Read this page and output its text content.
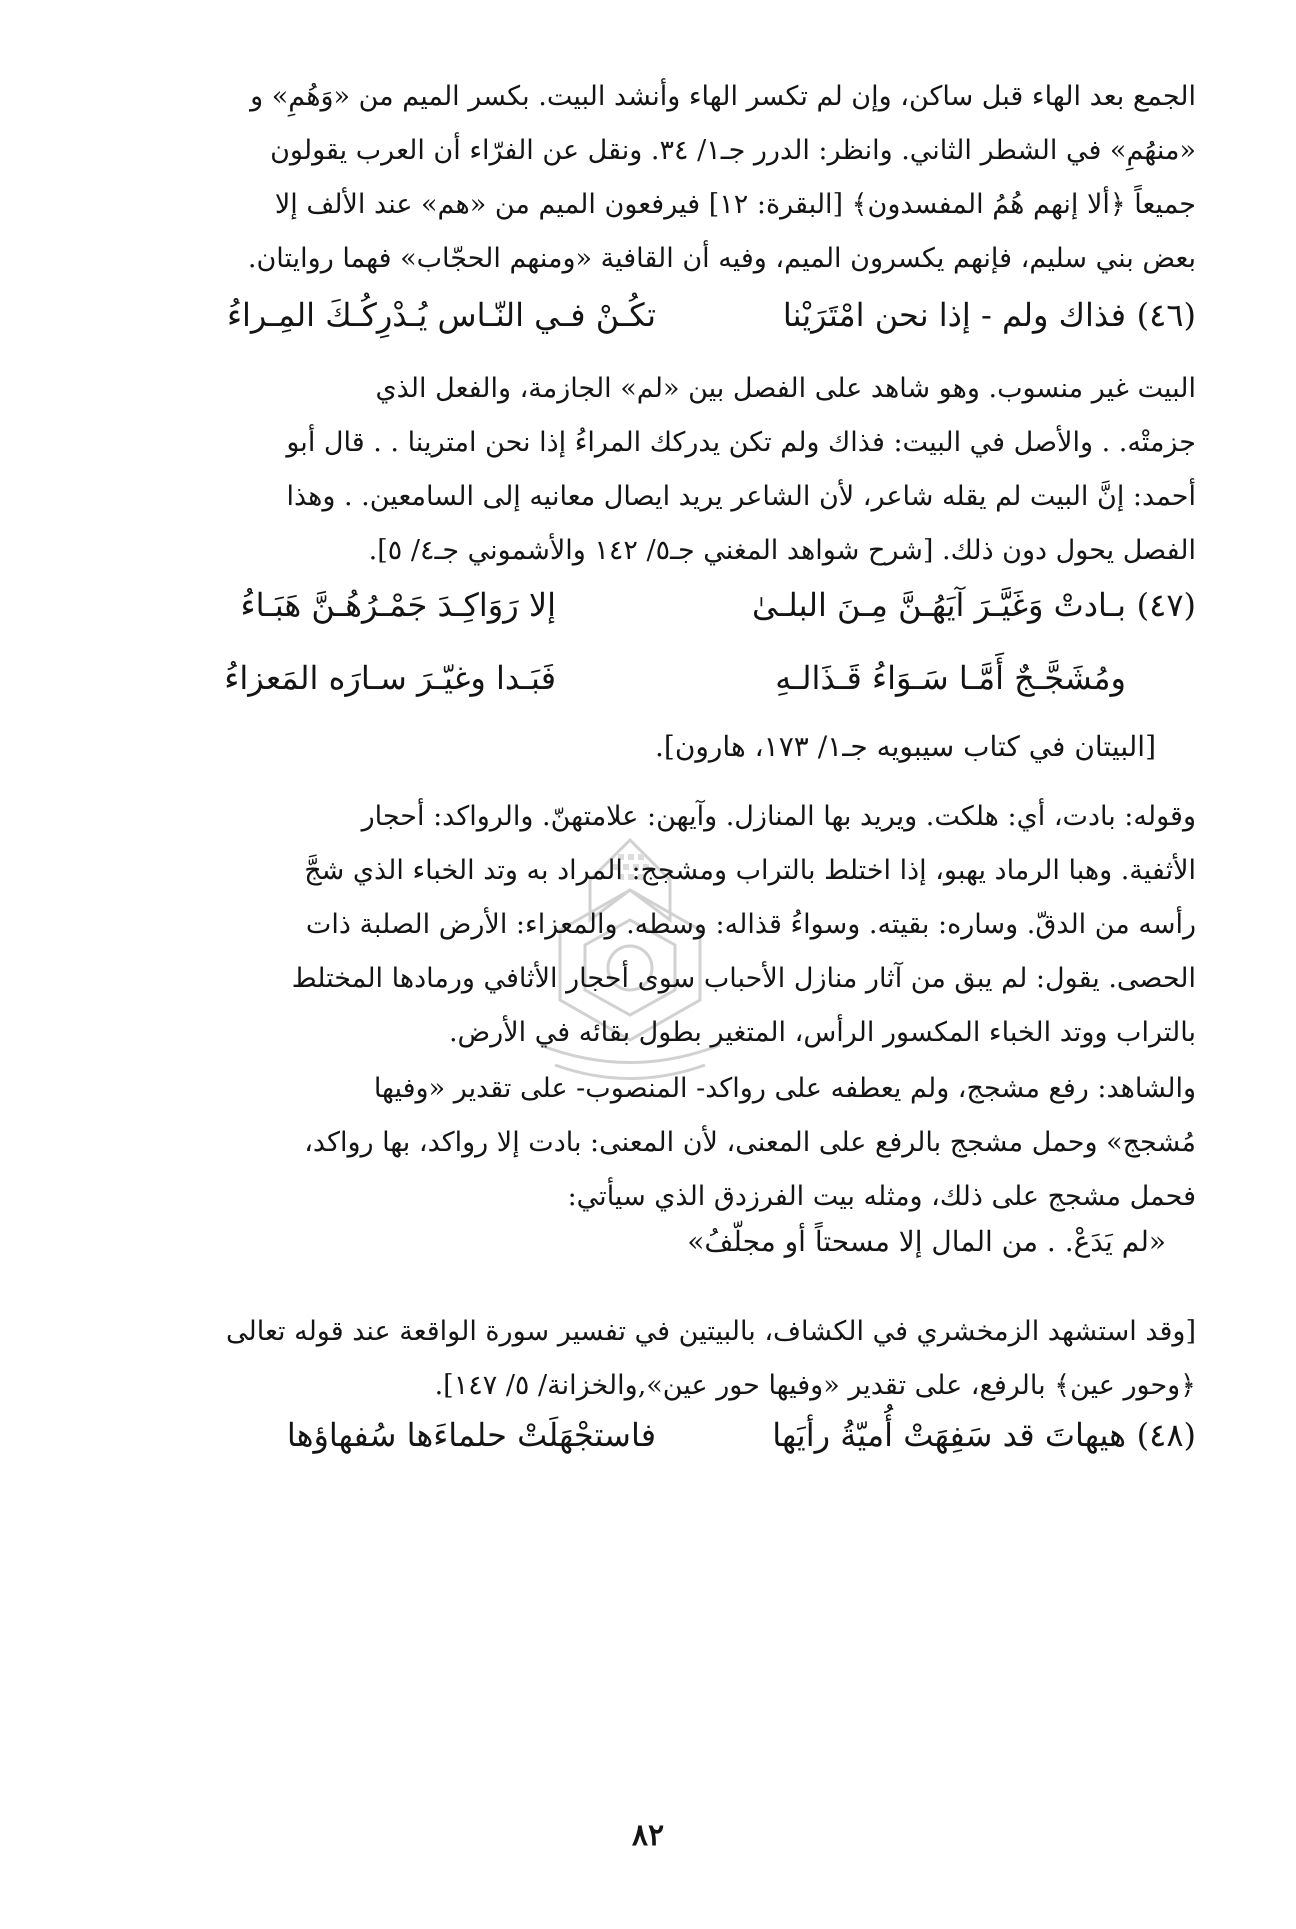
الجمع بعد الهاء قبل ساكن، وإن لم تكسر الهاء وأنشد البيت. بكسر الميم من «وَهُمِ» و
«منهُمِ» في الشطر الثاني. وانظر: الدرر جـ١/ ٣٤. ونقل عن الفرّاء أن العرب يقولون
جميعاً ﴿ألا إنهم هُمُ المفسدون﴾ [البقرة: ١٢] فيرفعون الميم من «هم» عند الألف إلا
بعض بني سليم، فإنهم يكسرون الميم، وفيه أن القافية «ومنهم الحجّاب» فهما روايتان.
(٤٦)
فذاك ولم - إذا نحن امْتَرَيْنا
تكُـنْ فـي النّـاس يُـدْرِكُـكَ المِـراءُ
البيت غير منسوب. وهو شاهد على الفصل بين «لم» الجازمة، والفعل الذي
جزمتْه. . والأصل في البيت: فذاك ولم تكن يدركك المراءُ إذا نحن امترينا . . قال أبو
أحمد: إنَّ البيت لم يقله شاعر، لأن الشاعر يريد ايصال معانيه إلى السامعين. . وهذا
الفصل يحول دون ذلك. [شرح شواهد المغني جـ٥/ ١٤٢ والأشموني جـ٤/ ٥].
(٤٧)
بـادتْ وَغَيَّـرَ آيَهُـنَّ مِـنَ البلـىٰ
إلا رَوَاكِـدَ جَمْـرُهُـنَّ هَبَـاءُ
ومُشَجَّـجٌ أَمَّـا سَـوَاءُ قَـذَالـهِ
فَبَـدا وغيّـرَ سـارَه المَعزاءُ
[البيتان في كتاب سيبويه جـ١/ ١٧٣، هارون].
وقوله: بادت، أي: هلكت. ويريد بها المنازل. وآيهن: علامتهنّ. والرواكد: أحجار
الأثفية. وهبا الرماد يهبو، إذا اختلط بالتراب ومشجج: المراد به وتد الخباء الذي شجَّ
رأسه من الدقّ. وساره: بقيته. وسواءُ قذاله: وسطه. والمعزاء: الأرض الصلبة ذات
الحصى. يقول: لم يبق من آثار منازل الأحباب سوى أحجار الأثافي ورمادها المختلط
بالتراب ووتد الخباء المكسور الرأس، المتغير بطول بقائه في الأرض.
والشاهد: رفع مشجج، ولم يعطفه على رواكد- المنصوب- على تقدير «وفيها
مُشجج» وحمل مشجج بالرفع على المعنى، لأن المعنى: بادت إلا رواكد، بها رواكد،
فحمل مشجج على ذلك، ومثله بيت الفرزدق الذي سيأتي:
«لم يَدَعْ. . من المال إلا مسحتاً أو مجلّفُ»
[وقد استشهد الزمخشري في الكشاف، بالبيتين في تفسير سورة الواقعة عند قوله تعالى
﴿وحور عين﴾ بالرفع، على تقدير «وفيها حور عين»,والخزانة/ ٥/ ١٤٧].
(٤٨)
هيهاتَ قد سَفِهَتْ أُميّةُ رأيَها
فاستجْهَلَتْ حلماءَها سُفهاؤها
٨٢
